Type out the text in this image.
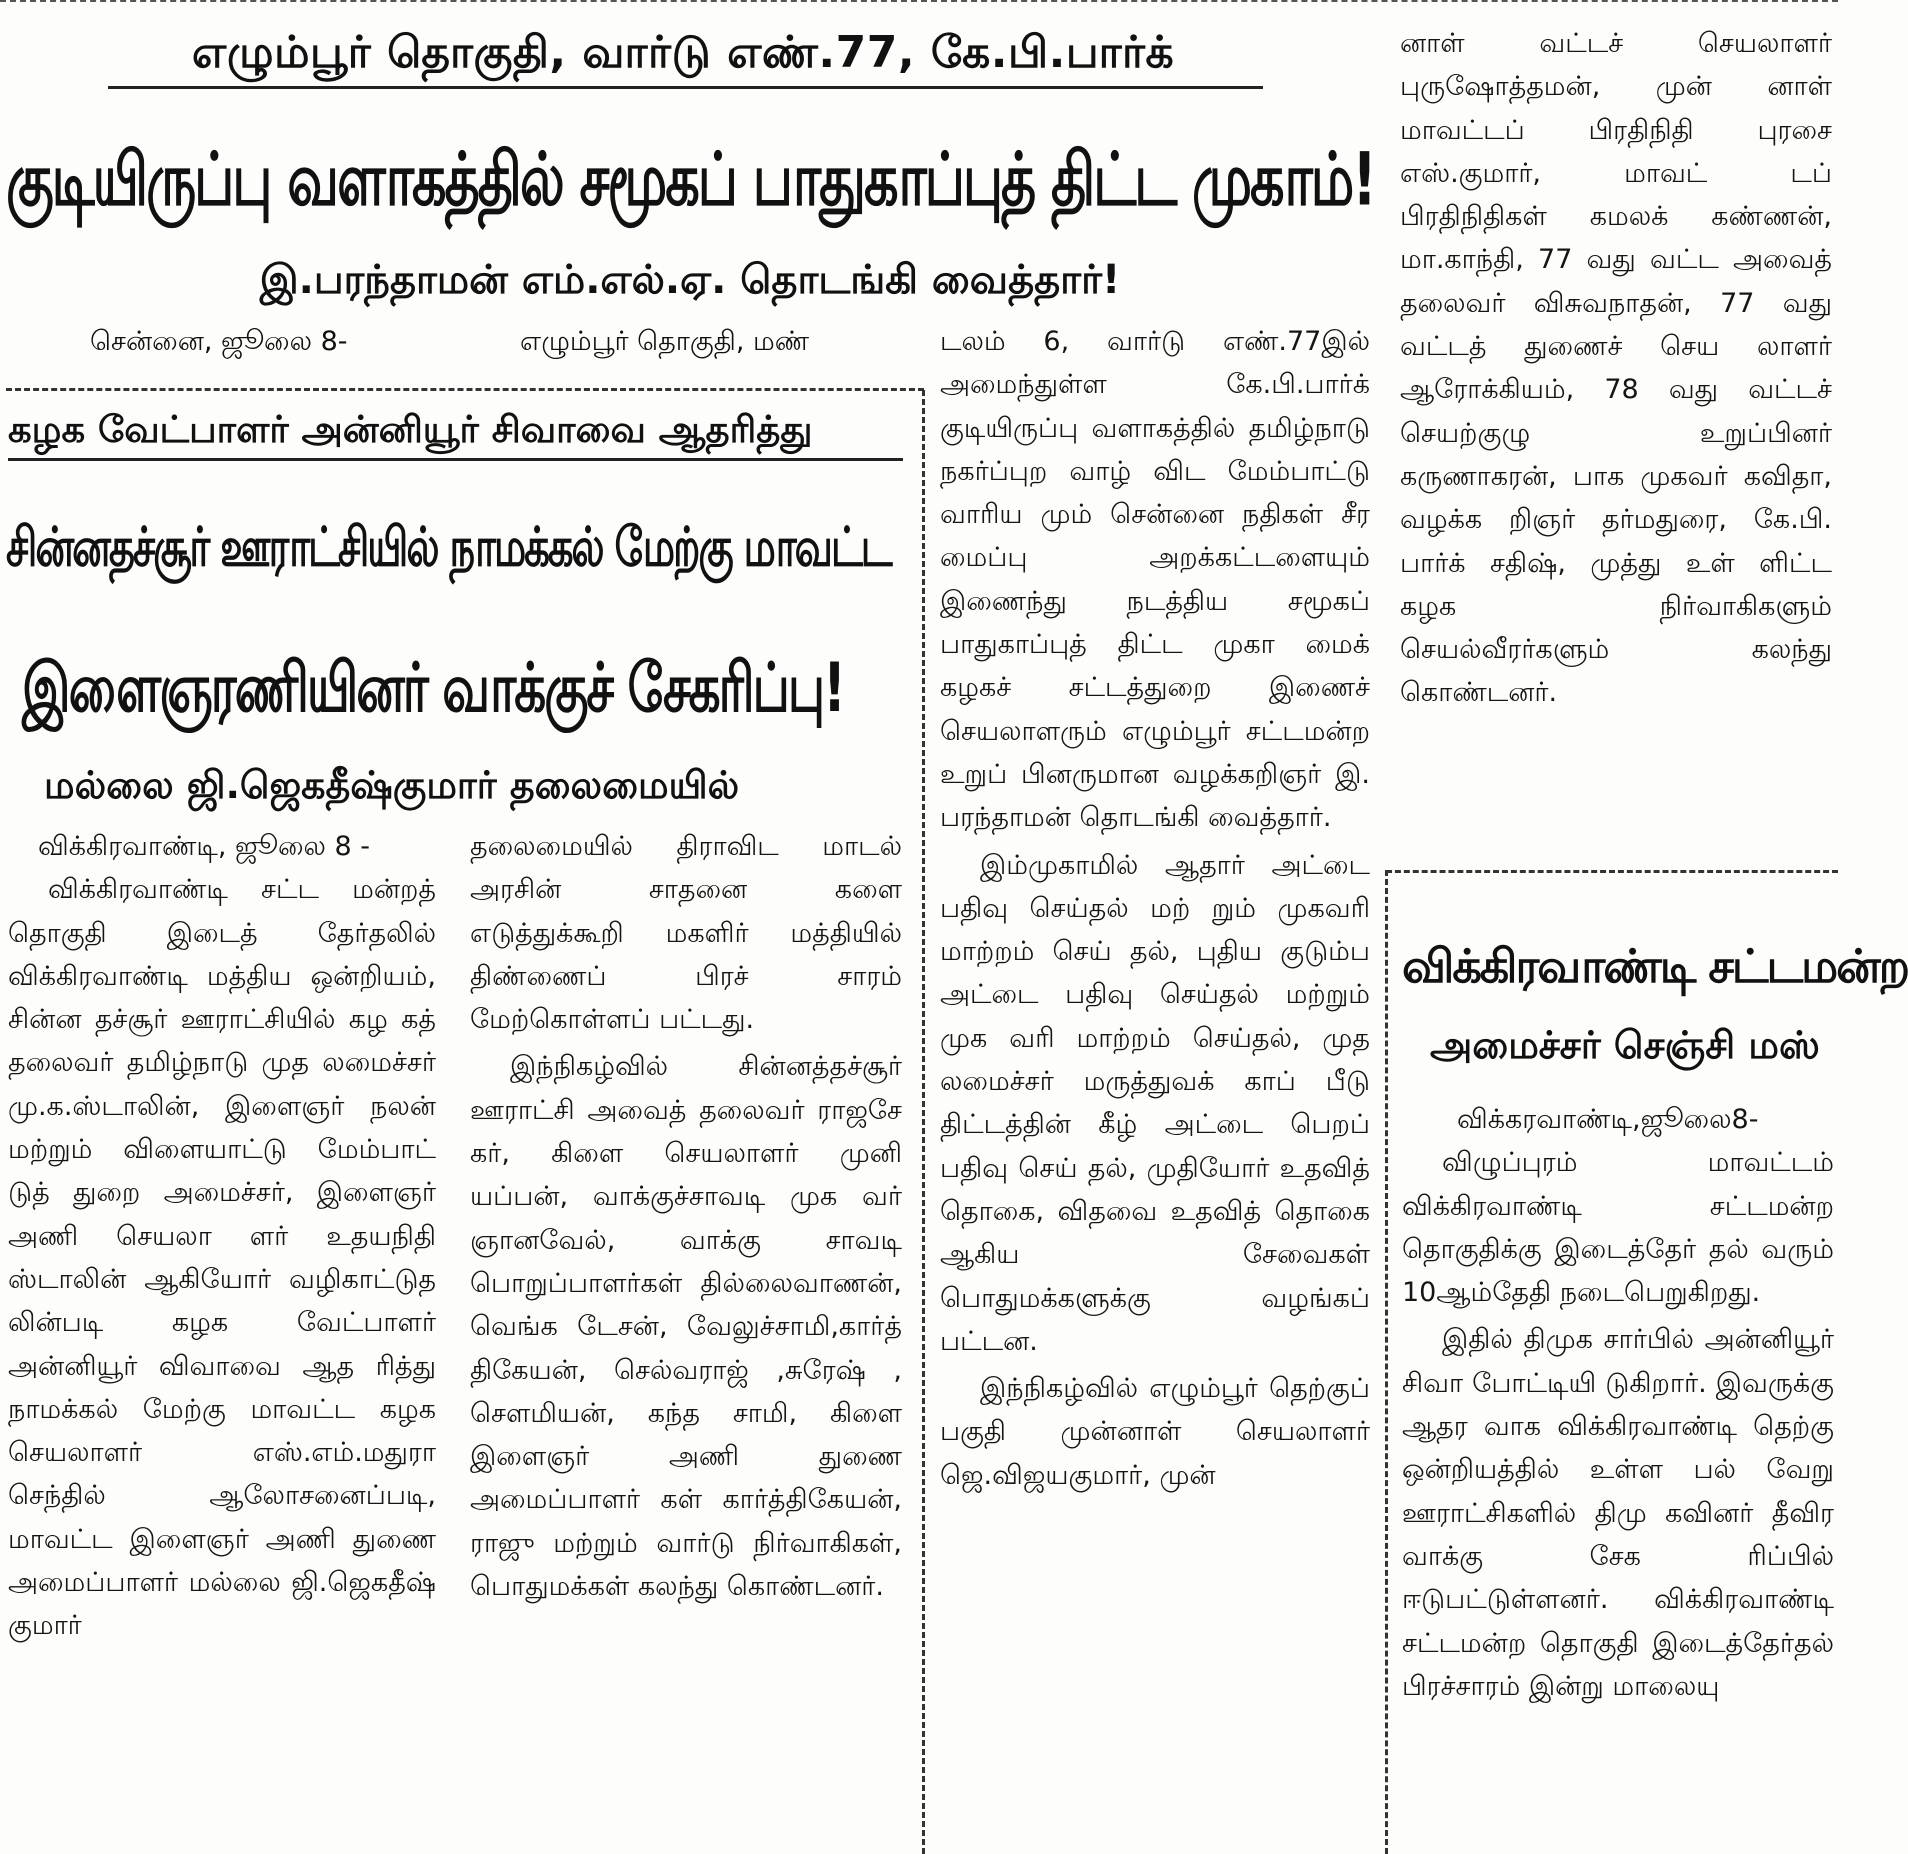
எழும்பூர் தொகுதி, வார்டு எண்.77, கே.பி.பார்க்
குடியிருப்பு வளாகத்தில் சமூகப் பாதுகாப்புத் திட்ட முகாம்!
இ.பரந்தாமன் எம்.எல்.ஏ. தொடங்கி வைத்தார்!
சென்னை, ஜூலை 8-	எழும்பூர் தொகுதி, மண்
கழக வேட்பாளர் அன்னியூர் சிவாவை ஆதரித்து
சின்னதச்சூர் ஊராட்சியில் நாமக்கல் மேற்கு மாவட்ட
இளைஞரணியினர் வாக்குச் சேகரிப்பு!
மல்லை ஜி.ஜெகதீஷ்குமார் தலைமையில்

விக்கிரவாண்டி, ஜூலை 8 -

விக்கிரவாண்டி சட்ட மன்றத் தொகுதி இடைத் தேர்தலில் விக்கிரவாண்டி மத்திய ஒன்றியம், சின்ன தச்சூர் ஊராட்சியில் கழ கத் தலைவர் தமிழ்நாடு முத லமைச்சர் மு.க.ஸ்டாலின், இளைஞர் நலன் மற்றும் விளையாட்டு மேம்பாட் டுத் துறை அமைச்சர், இளைஞர் அணி செயலா ளர் உதயநிதி ஸ்டாலின் ஆகியோர் வழிகாட்டுத லின்படி கழக வேட்பாளர் அன்னியூர் விவாவை ஆத ரித்து நாமக்கல் மேற்கு மாவட்ட கழக செயலாளர் எஸ்.எம்.மதுரா செந்தில் ஆலோசனைப்படி, மாவட்ட இளைஞர் அணி துணை அமைப்பாளர் மல்லை ஜி.ஜெகதீஷ் குமார்

தலைமையில் திராவிட மாடல் அரசின் சாதனை களை எடுத்துக்கூறி மகளிர் மத்தியில் திண்ணைப் பிரச் சாரம் மேற்கொள்ளப் பட்டது.

இந்நிகழ்வில் சின்னத்தச்சூர் ஊராட்சி அவைத் தலைவர் ராஜசே கர், கிளை செயலாளர் முனி யப்பன், வாக்குச்சாவடி முக வர் ஞானவேல், வாக்கு சாவடி பொறுப்பாளர்கள் தில்லைவாணன், வெங்க டேசன், வேலுச்சாமி,கார்த் திகேயன், செல்வராஜ் ,சுரேஷ் , சௌமியன், கந்த சாமி, கிளை இளைஞர் அணி துணை அமைப்பாளர் கள் கார்த்திகேயன், ராஜு மற்றும் வார்டு நிர்வாகிகள், பொதுமக்கள் கலந்து கொண்டனர்.

டலம் 6, வார்டு எண்.77இல் அமைந்துள்ள கே.பி.பார்க் குடியிருப்பு வளாகத்தில் தமிழ்நாடு நகர்ப்புற வாழ் விட மேம்பாட்டு வாரிய மும் சென்னை நதிகள் சீர மைப்பு அறக்கட்டளையும் இணைந்து நடத்திய சமூகப் பாதுகாப்புத் திட்ட முகா மைக் கழகச் சட்டத்துறை இணைச் செயலாளரும் எழும்பூர் சட்டமன்ற உறுப் பினருமான வழக்கறிஞர் இ. பரந்தாமன் தொடங்கி வைத்தார்.

இம்முகாமில் ஆதார் அட்டை பதிவு செய்தல் மற் றும் முகவரி மாற்றம் செய் தல், புதிய குடும்ப அட்டை பதிவு செய்தல் மற்றும் முக வரி மாற்றம் செய்தல், முத லமைச்சர் மருத்துவக் காப் பீடு திட்டத்தின் கீழ் அட்டை பெறப் பதிவு செய் தல், முதியோர் உதவித் தொகை, விதவை உதவித் தொகை ஆகிய சேவைகள் பொதுமக்களுக்கு வழங்கப் பட்டன.

இந்நிகழ்வில் எழும்பூர் தெற்குப் பகுதி முன்னாள் செயலாளர் ஜெ.விஜயகுமார், முன்

னாள் வட்டச் செயலாளர் புருஷோத்தமன், முன் னாள் மாவட்டப் பிரதிநிதி புரசை எஸ்.குமார், மாவட் டப் பிரதிநிதிகள் கமலக் கண்ணன், மா.காந்தி, 77 வது வட்ட அவைத் தலைவர் விசுவநாதன், 77 வது வட்டத் துணைச் செய லாளர் ஆரோக்கியம், 78 வது வட்டச் செயற்குழு உறுப்பினர் கருணாகரன், பாக முகவர் கவிதா, வழக்க றிஞர் தர்மதுரை, கே.பி. பார்க் சதிஷ், முத்து உள் ளிட்ட கழக நிர்வாகிகளும் செயல்வீரர்களும் கலந்து கொண்டனர்.

விக்கிரவாண்டி சட்டமன்ற
அமைச்சர் செஞ்சி மஸ்

விக்கரவாண்டி,ஜூலை8-

விழுப்புரம் மாவட்டம் விக்கிரவாண்டி சட்டமன்ற தொகுதிக்கு இடைத்தேர் தல் வரும் 10ஆம்தேதி நடைபெறுகிறது.

இதில் திமுக சார்பில் அன்னியூர் சிவா போட்டியி டுகிறார். இவருக்கு ஆதர வாக விக்கிரவாண்டி தெற்கு ஒன்றியத்தில் உள்ள பல் வேறு ஊராட்சிகளில் திமு கவினர் தீவிர வாக்கு சேக ரிப்பில் ஈடுபட்டுள்ளனர். விக்கிரவாண்டி சட்டமன்ற தொகுதி இடைத்தேர்தல் பிரச்சாரம் இன்று மாலையு
